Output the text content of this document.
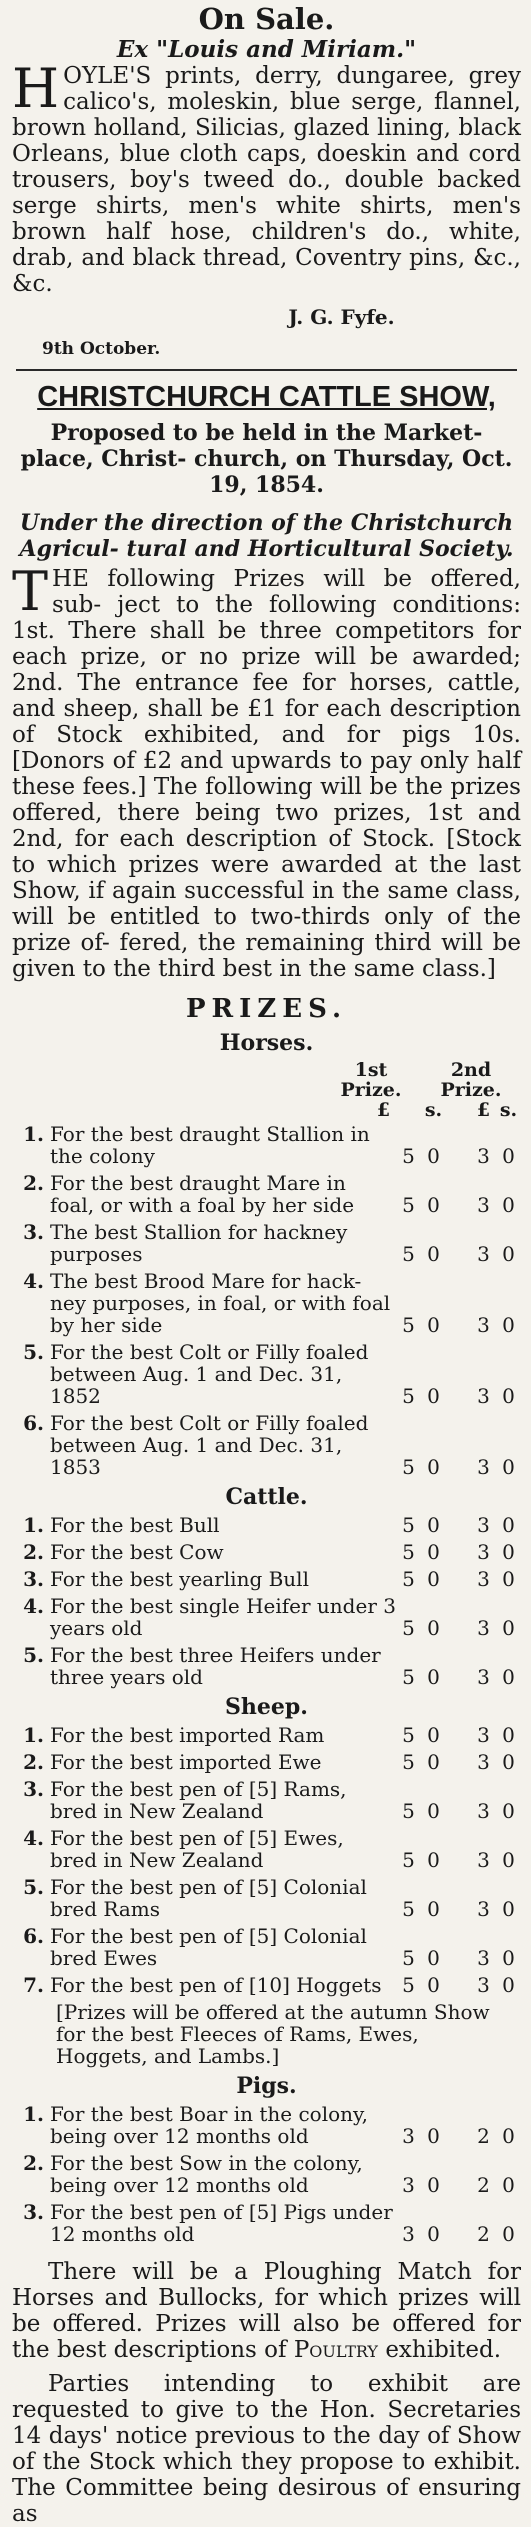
On Sale.

Ex "Louis and Miriam."

H OYLE'S prints, derry, dungaree, grey calico's, moleskin, blue serge, flannel, brown holland, Silicias, glazed lining, black Orleans, blue cloth caps, doeskin and cord trousers, boy's tweed do., double backed serge shirts, men's white shirts, men's brown half hose, children's do., white, drab, and black thread, Coventry pins, &c., &c.

J. G. Fyfe.

9th October.

CHRISTCHURCH CATTLE SHOW,

Proposed to be held in the Market-place, Christ- church, on Thursday, Oct. 19, 1854.

Under the direction of the Christchurch Agricul- tural and Horticultural Society.

T HE following Prizes will be offered, sub- ject to the following conditions: 1st. There shall be three competitors for each prize, or no prize will be awarded; 2nd. The entrance fee for horses, cattle, and sheep, shall be £1 for each description of Stock exhibited, and for pigs 10s. [Donors of £2 and upwards to pay only half these fees.] The following will be the prizes offered, there being two prizes, 1st and 2nd, for each description of Stock. [Stock to which prizes were awarded at the last Show, if again successful in the same class, will be entitled to two-thirds only of the prize of- fered, the remaining third will be given to the third best in the same class.]

PRIZES.

Horses.

1st Prize.
2nd Prize.
£	s.	£ s.
1. For the best draught Stallion in the colony	5 0	3 0
2. For the best draught Mare in foal, or with a foal by her side	5 0	3 0
3. The best Stallion for hackney purposes	5 0	3 0
4. The best Brood Mare for hack- ney purposes, in foal, or with foal by her side	5 0	3 0
5. For the best Colt or Filly foaled between Aug. 1 and Dec. 31, 1852	5 0	3 0
6. For the best Colt or Filly foaled between Aug. 1 and Dec. 31, 1853	5 0	3 0

Cattle.

1. For the best Bull	5 0	3 0
2. For the best Cow	5 0	3 0
3. For the best yearling Bull	5 0	3 0
4. For the best single Heifer under 3 years old	5 0	3 0
5. For the best three Heifers under three years old	5 0	3 0

Sheep.

1. For the best imported Ram	5 0	3 0
2. For the best imported Ewe	5 0	3 0
3. For the best pen of [5] Rams, bred in New Zealand	5 0	3 0
4. For the best pen of [5] Ewes, bred in New Zealand	5 0	3 0
5. For the best pen of [5] Colonial bred Rams	5 0	3 0
6. For the best pen of [5] Colonial bred Ewes	5 0	3 0
7. For the best pen of [10] Hoggets	5 0	3 0

[Prizes will be offered at the autumn Show for the best Fleeces of Rams, Ewes, Hoggets, and Lambs.]

Pigs.

1. For the best Boar in the colony, being over 12 months old	3 0	2 0
2. For the best Sow in the colony, being over 12 months old	3 0	2 0
3. For the best pen of [5] Pigs under 12 months old	3 0	2 0

There will be a Ploughing Match for Horses and Bullocks, for which prizes will be offered. Prizes will also be offered for the best descriptions of Poultry exhibited.

Parties intending to exhibit are requested to give to the Hon. Secretaries 14 days' notice previous to the day of Show of the Stock which they propose to exhibit. The Committee being desirous of ensuring as
